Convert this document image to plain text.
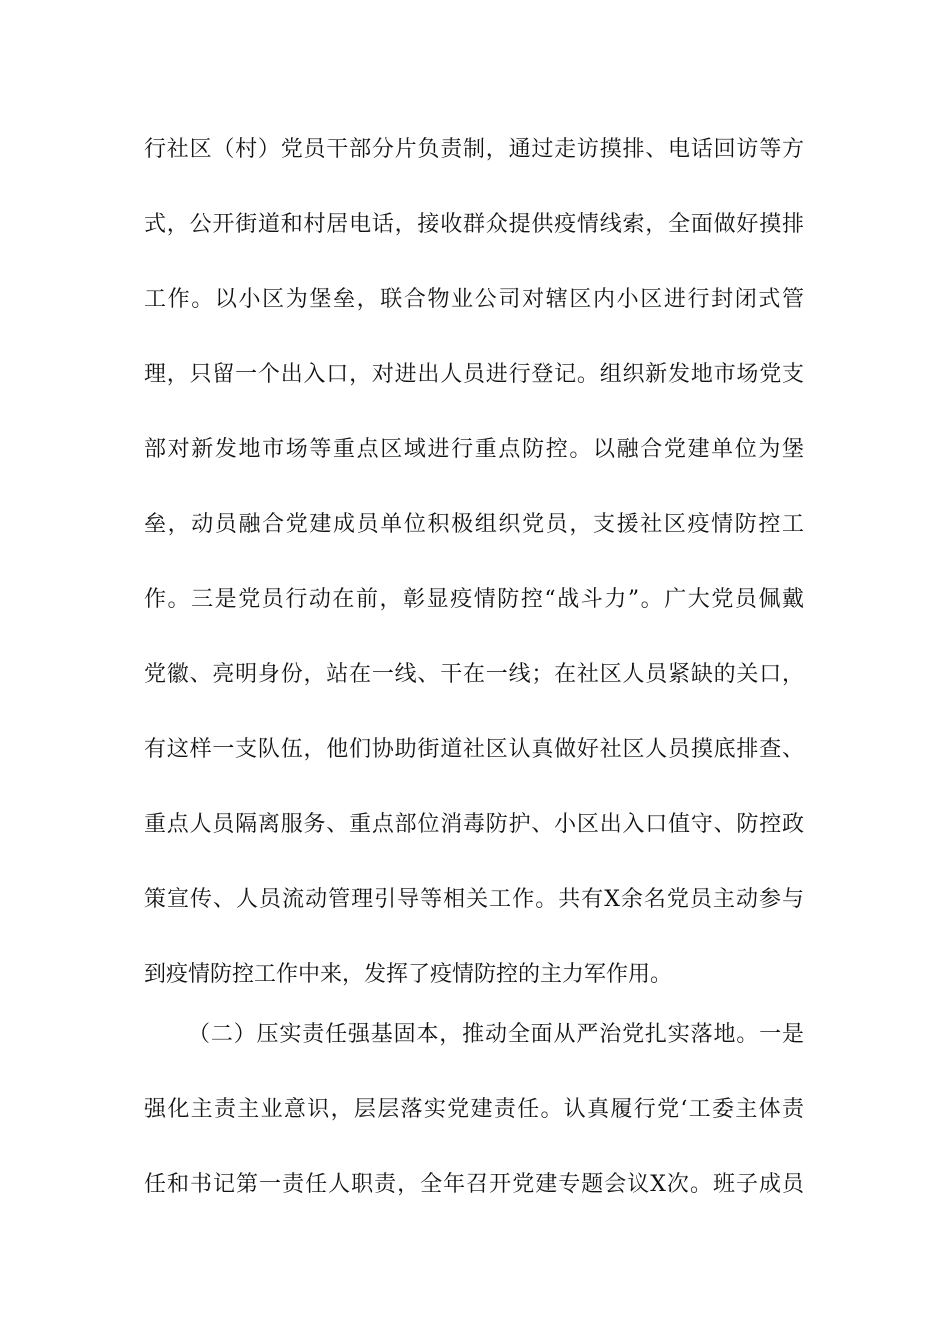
行社区（村）党员干部分片负责制，通过走访摸排、电话回访等方
式，公开街道和村居电话，接收群众提供疫情线索，全面做好摸排
工作。以小区为堡垒，联合物业公司对辖区内小区进行封闭式管
理，只留一个出入口，对进出人员进行登记。组织新发地市场党支
部对新发地市场等重点区域进行重点防控。以融合党建单位为堡
垒，动员融合党建成员单位积极组织党员，支援社区疫情防控工
作。三是党员行动在前，彰显疫情防控“战斗力”。广大党员佩戴
党徽、亮明身份，站在一线、干在一线；在社区人员紧缺的关口，
有这样一支队伍，他们协助街道社区认真做好社区人员摸底排查、
重点人员隔离服务、重点部位消毒防护、小区出入口值守、防控政
策宣传、人员流动管理引导等相关工作。共有X余名党员主动参与
到疫情防控工作中来，发挥了疫情防控的主力军作用。
（二）压实责任强基固本，推动全面从严治党扎实落地。一是
强化主责主业意识，层层落实党建责任。认真履行党‘工委主体责
任和书记第一责任人职责，全年召开党建专题会议X次。班子成员
